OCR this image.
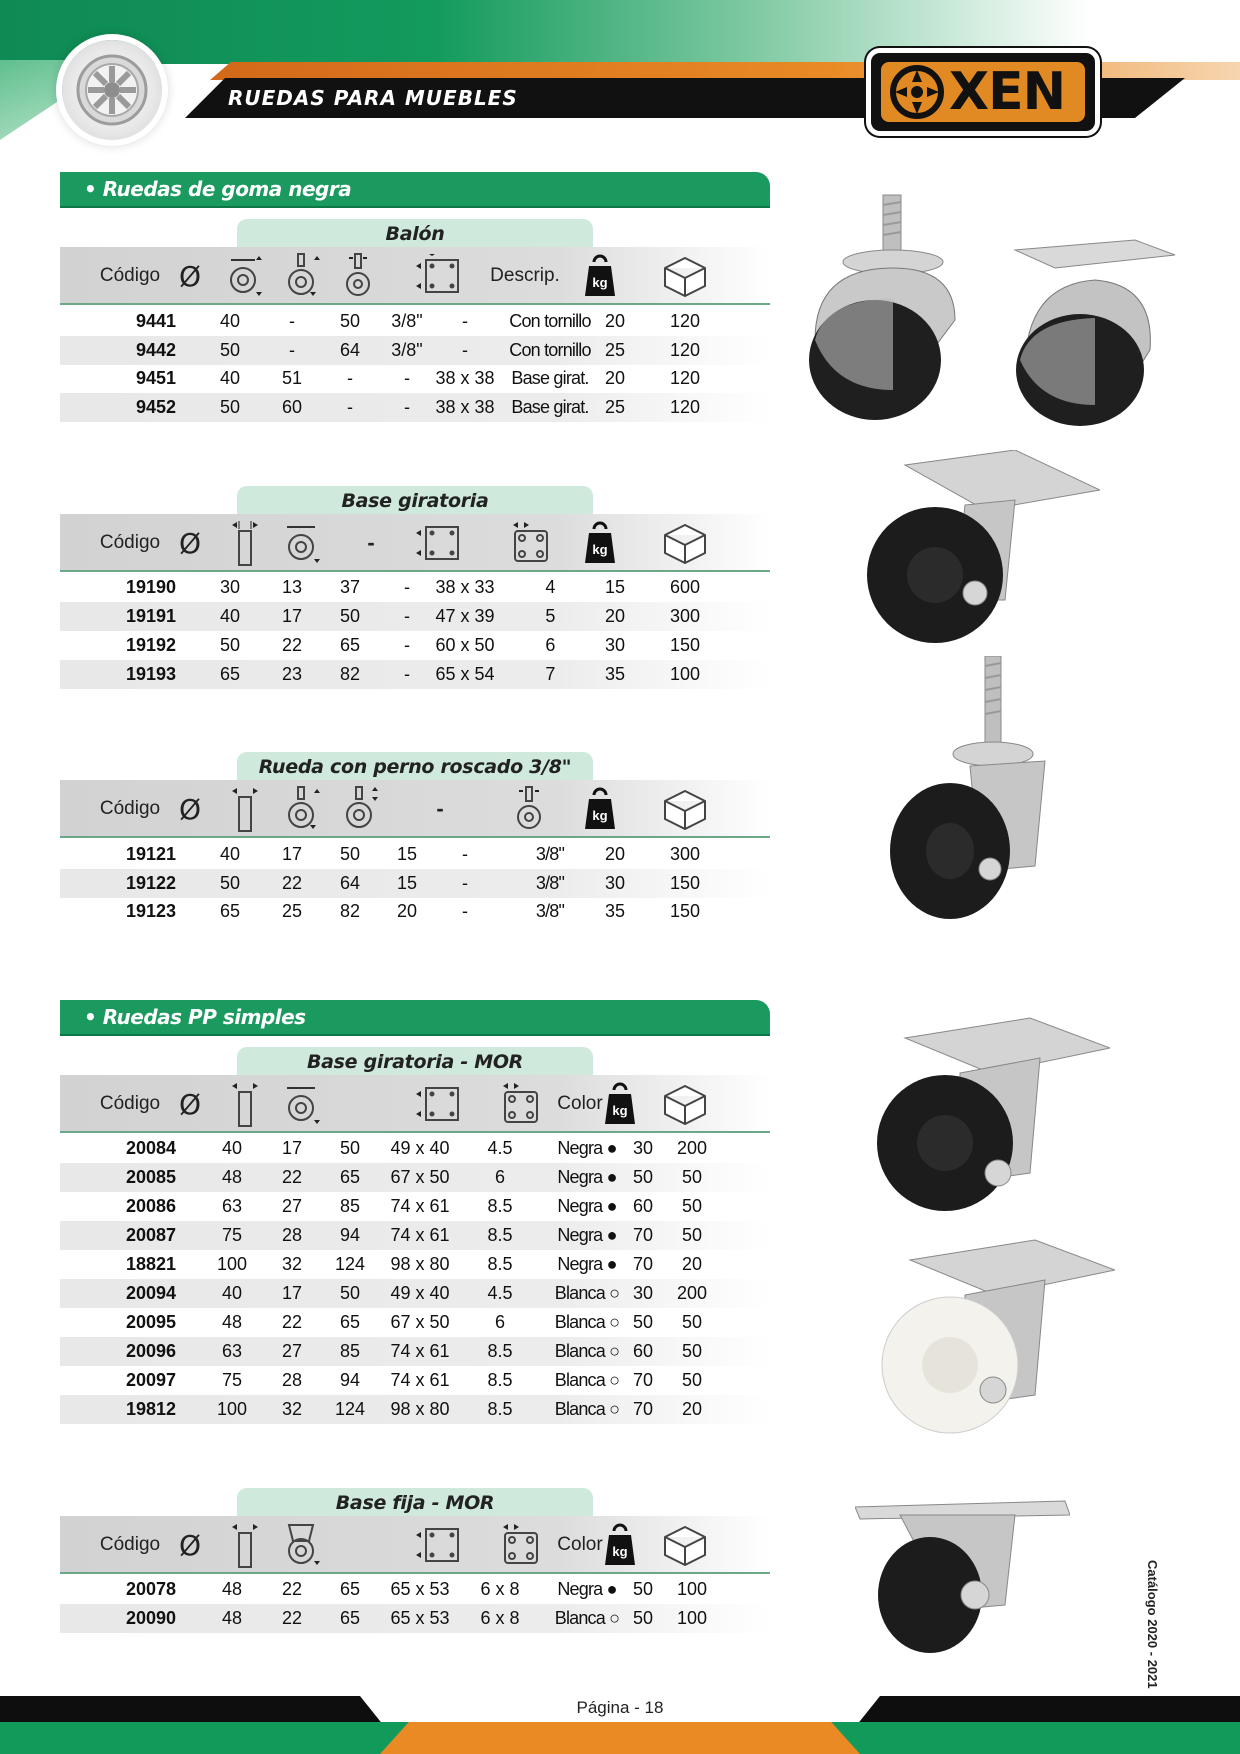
RUEDAS PARA MUEBLES	XEN
• Ruedas de goma negra
Balón
Código Ø	Descrip.	kg
9441	40	-	50	3/8"	-	Con tornillo 20	120
9442	50	-	64	3/8"	-	Con tornillo 25	120
9451	40	51	-	-	38 x 38 Base girat. 20	120
9452	50	60	-	-	38 x 38 Base girat. 25	120
Base giratoria
Código Ø	-	kg
19190	30	13	37	-	38 x 33	4	15	600
19191	40	17	50	-	47 x 39	5	20	300
19192	50	22	65	-	60 x 50	6	30	150
19193	65	23	82	-	65 x 54	7	35	100
Rueda con perno roscado 3/8"
Código Ø	-	kg
19121	40	17	50	15	-	3/8"	20	300
19122	50	22	64	15	-	3/8"	30	150
19123	65	25	82	20	-	3/8"	35	150
• Ruedas PP simples
Base giratoria - MOR
Código Ø	Color kg
20084	40	17	50	49 x 40	4.5	Negra ● 30	200
20085	48	22	65	67 x 50	6	Negra ● 50	50
20086	63	27	85	74 x 61	8.5	Negra ● 60	50
20087	75	28	94	74 x 61	8.5	Negra ● 70	50
18821	100	32	124	98 x 80	8.5	Negra ● 70	20
20094	40	17	50	49 x 40	4.5	Blanca ○ 30	200
20095	48	22	65	67 x 50	6	Blanca ○ 50	50
20096	63	27	85	74 x 61	8.5	Blanca ○ 60	50
20097	75	28	94	74 x 61	8.5	Blanca ○ 70	50
19812	100	32	124	98 x 80	8.5	Blanca ○ 70	20
Base fija - MOR
Código Ø	Color kg
20078	48	22	65	65 x 53	6 x 8	Negra ● 50	100
20090	48	22	65	65 x 53	6 x 8	Blanca ○ 50	100	Catálogo 2020 - 2021
Página - 18
